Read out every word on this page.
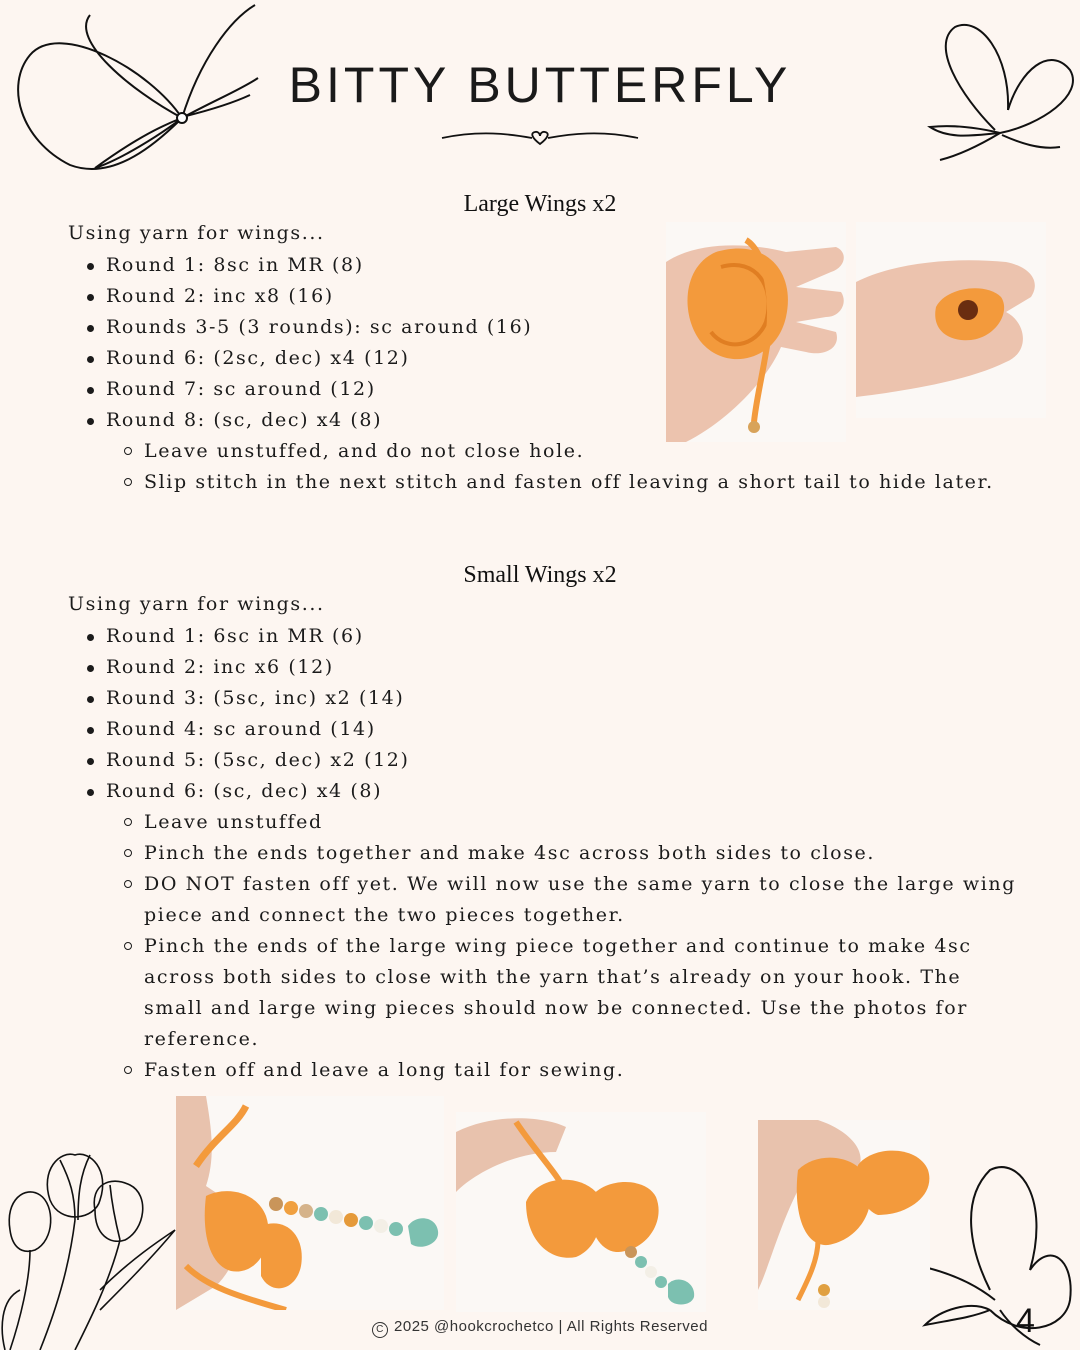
BITTY BUTTERFLY
Large Wings x2
Using yarn for wings...
Round 1: 8sc in MR (8)
Round 2: inc x8 (16)
Rounds 3-5 (3 rounds): sc around (16)
Round 6: (2sc, dec) x4 (12)
Round 7: sc around (12)
Round 8: (sc, dec) x4 (8)
Leave unstuffed, and do not close hole.
Slip stitch in the next stitch and fasten off leaving a short tail to hide later.
Small Wings x2
Using yarn for wings...
Round 1: 6sc in MR (6)
Round 2: inc x6 (12)
Round 3: (5sc, inc) x2 (14)
Round 4: sc around (14)
Round 5: (5sc, dec) x2 (12)
Round 6: (sc, dec) x4 (8)
Leave unstuffed
Pinch the ends together and make 4sc across both sides to close.
DO NOT fasten off yet. We will now use the same yarn to close the large wing piece and connect the two pieces together.
Pinch the ends of the large wing piece together and continue to make 4sc across both sides to close with the yarn that’s already on your hook. The small and large wing pieces should now be connected. Use the photos for reference.
Fasten off and leave a long tail for sewing.
C 2025 @hookcrochetco | All Rights Reserved	4
